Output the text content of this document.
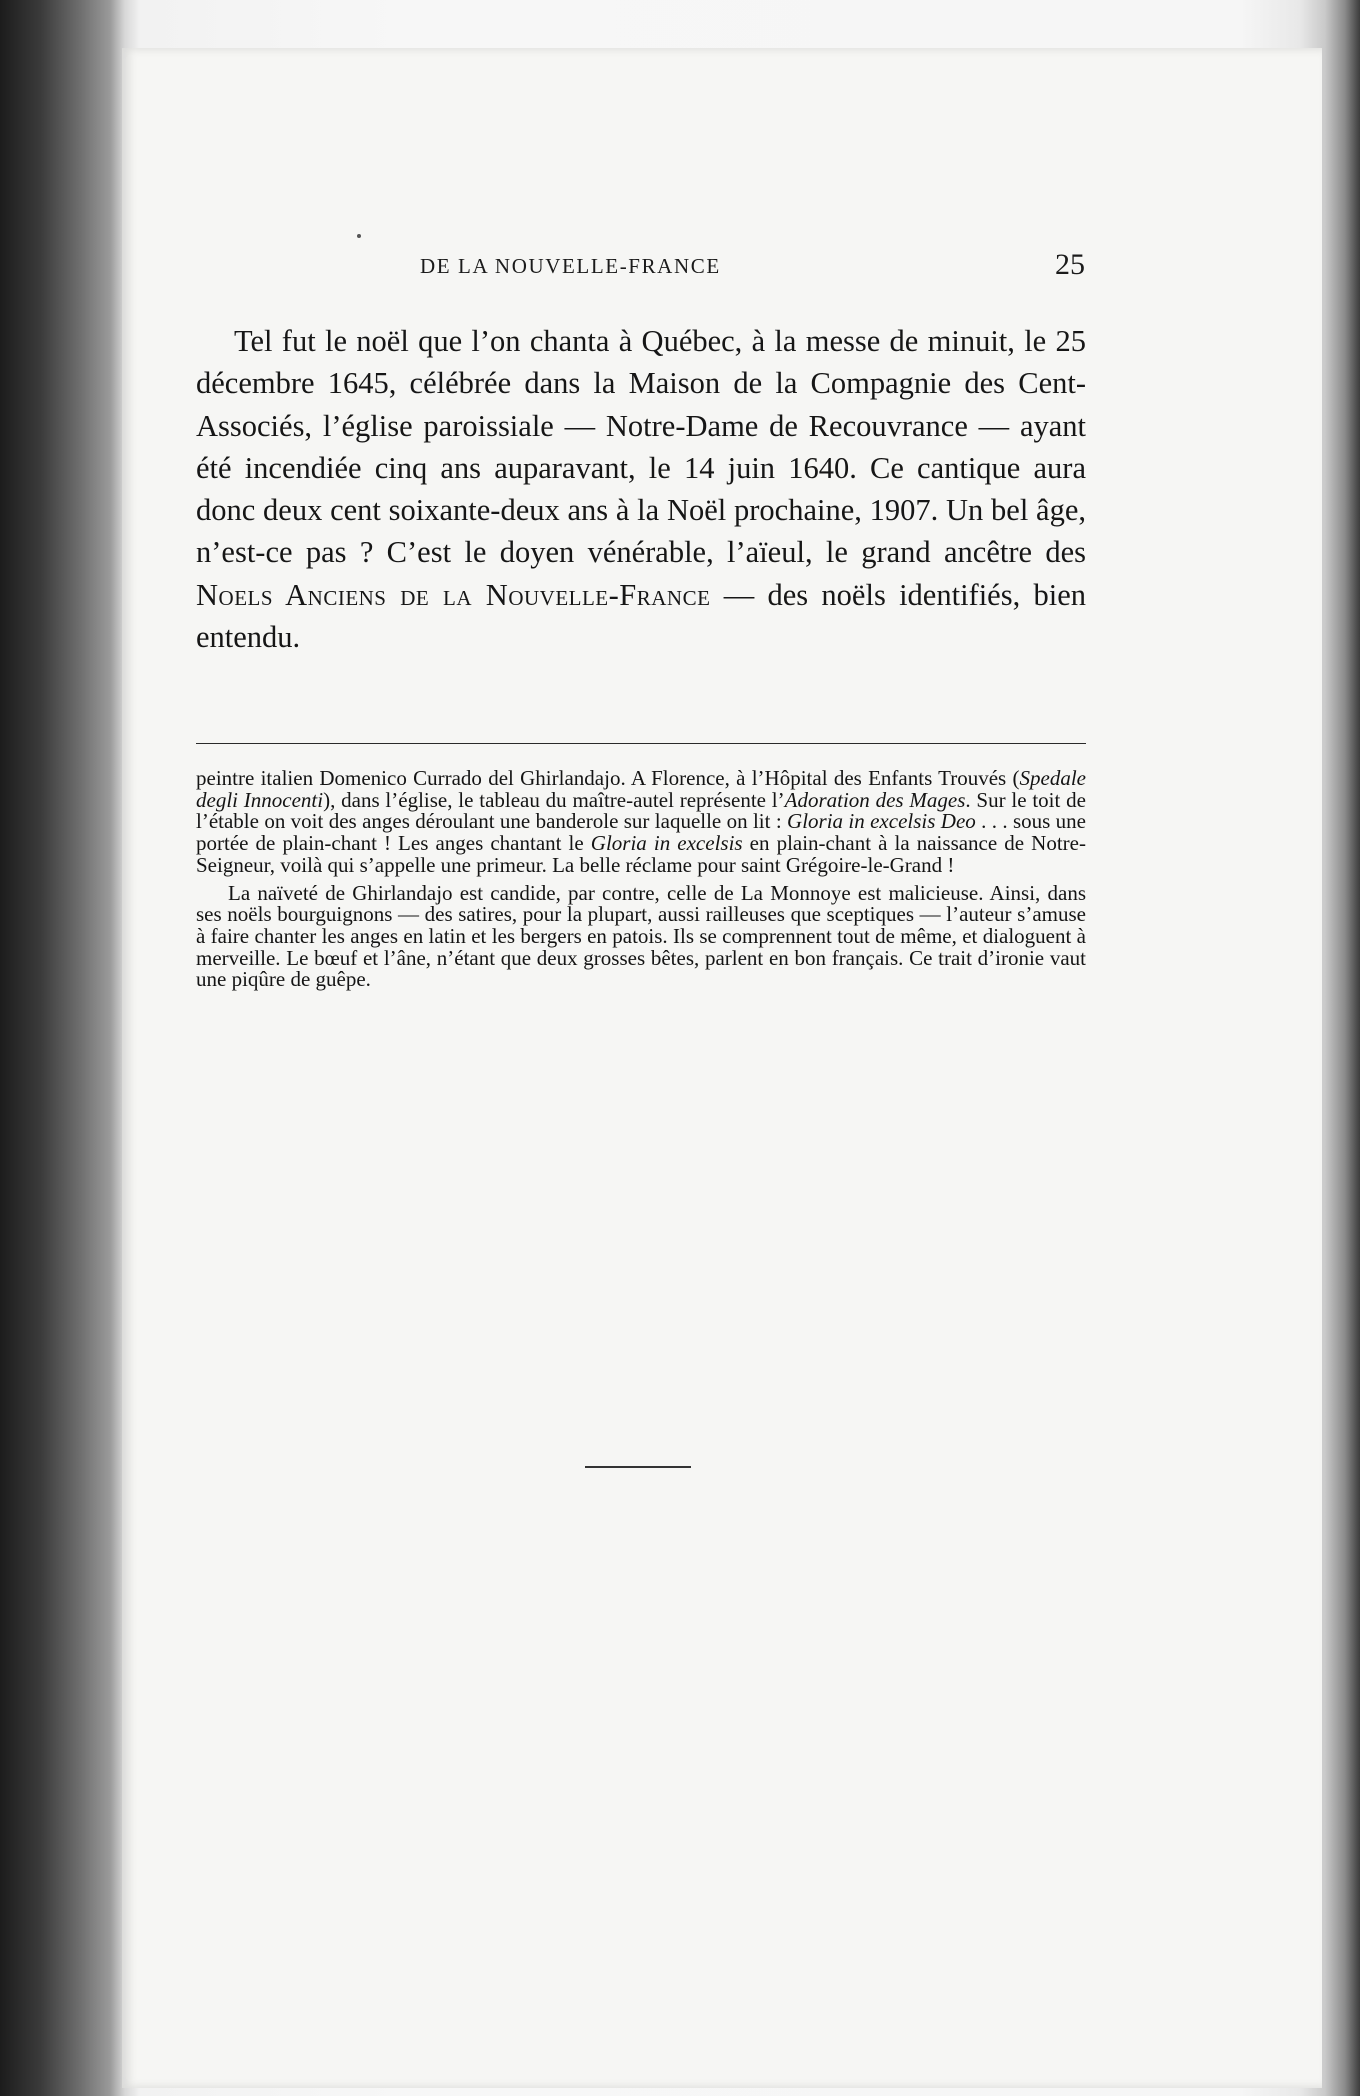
DE LA NOUVELLE-FRANCE	25

Tel fut le noël que l’on chanta à Québec, à la messe de minuit, le 25 décembre 1645, célébrée dans la Maison de la Compagnie des Cent-Associés, l’église paroissiale — Notre-Dame de Recouvrance — ayant été incendiée cinq ans auparavant, le 14 juin 1640. Ce cantique aura donc deux cent soixante-deux ans à la Noël prochaine, 1907. Un bel âge, n’est-ce pas ? C’est le doyen vénérable, l’aïeul, le grand ancêtre des Noels Anciens de la Nouvelle-France — des noëls identifiés, bien entendu.

peintre italien Domenico Currado del Ghirlandajo. A Florence, à l’Hôpital des Enfants Trouvés (Spedale degli Innocenti), dans l’église, le tableau du maître-autel représente l’Adoration des Mages. Sur le toit de l’étable on voit des anges déroulant une banderole sur laquelle on lit : Gloria in excelsis Deo . . . sous une portée de plain-chant ! Les anges chantant le Gloria in excelsis en plain-chant à la naissance de Notre-Seigneur, voilà qui s’appelle une primeur. La belle réclame pour saint Grégoire-le-Grand !

La naïveté de Ghirlandajo est candide, par contre, celle de La Monnoye est malicieuse. Ainsi, dans ses noëls bourguignons — des satires, pour la plupart, aussi railleuses que sceptiques — l’auteur s’amuse à faire chanter les anges en latin et les bergers en patois. Ils se comprennent tout de même, et dialoguent à merveille. Le bœuf et l’âne, n’étant que deux grosses bêtes, parlent en bon français. Ce trait d’ironie vaut une piqûre de guêpe.
